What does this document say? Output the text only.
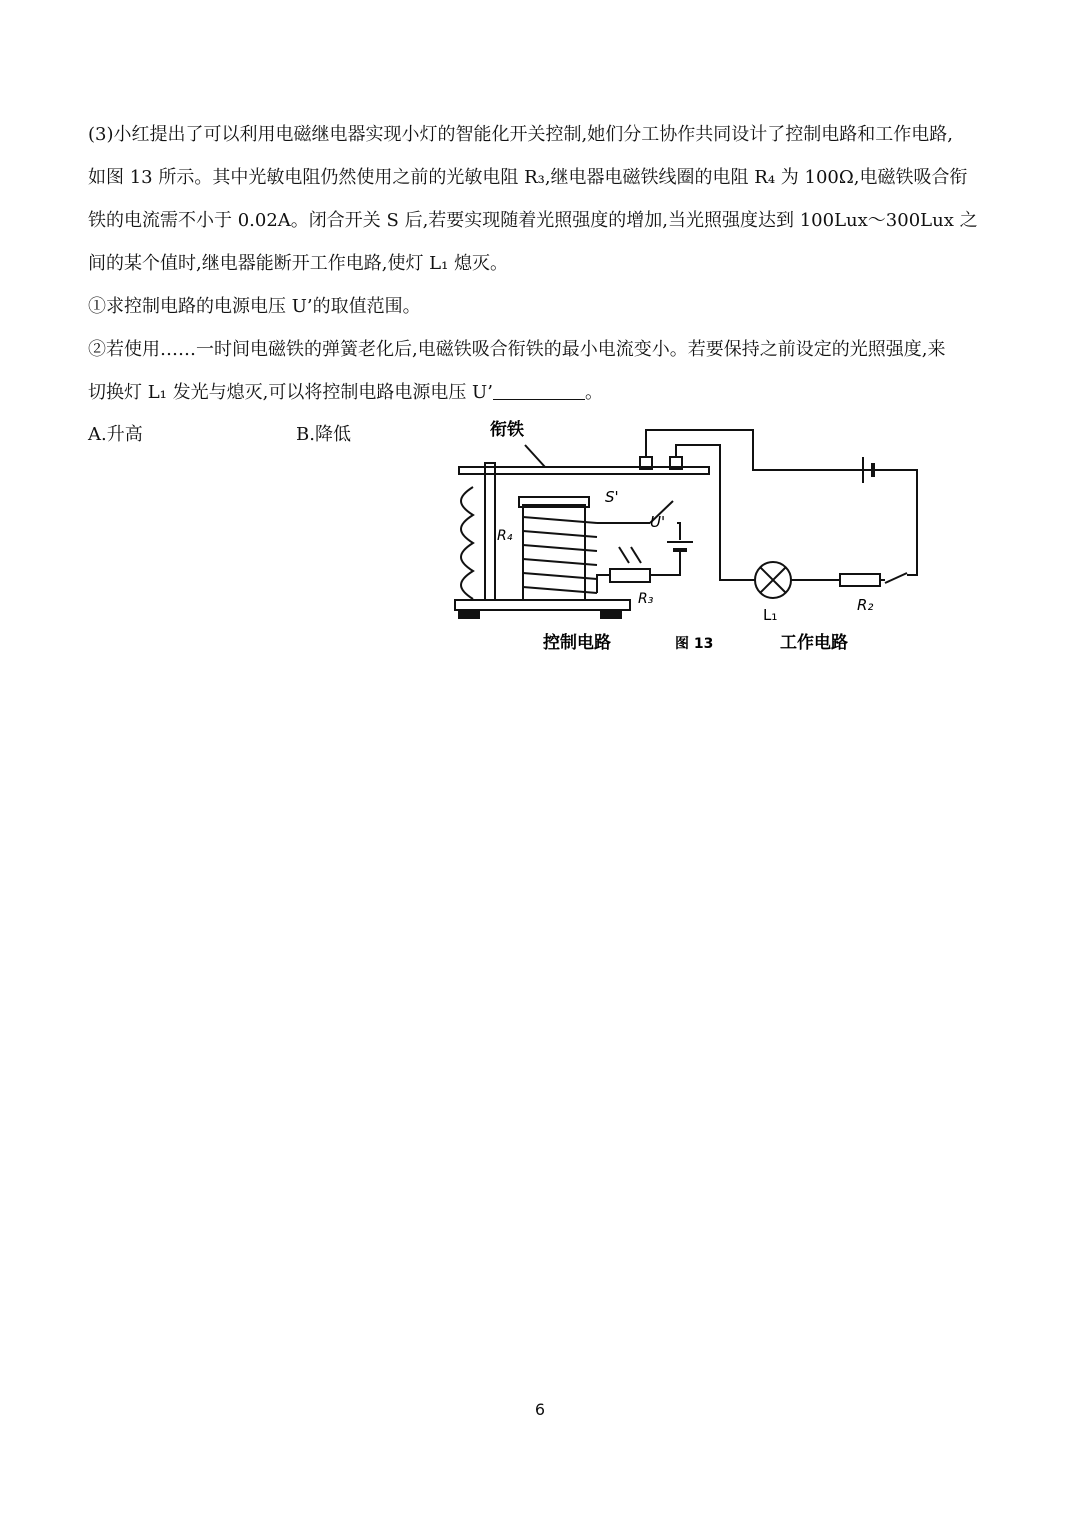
(3)小红提出了可以利用电磁继电器实现小灯的智能化开关控制,她们分工协作共同设计了控制电路和工作电路,
如图 13 所示。其中光敏电阻仍然使用之前的光敏电阻 R₃,继电器电磁铁线圈的电阻 R₄ 为 100Ω,电磁铁吸合衔
铁的电流需不小于 0.02A。闭合开关 S 后,若要实现随着光照强度的增加,当光照强度达到 100Lux～300Lux 之
间的某个值时,继电器能断开工作电路,使灯 L₁ 熄灭。
①求控制电路的电源电压 U’的取值范围。
②若使用……一时间电磁铁的弹簧老化后,电磁铁吸合衔铁的最小电流变小。若要保持之前设定的光照强度,来
切换灯 L₁ 发光与熄灭,可以将控制电路电源电压 U’	。
A.升高	B.降低	衔铁
S'
U'
R₄
R₃
L₁
R₂
控制电路	图 13	工作电路
6
